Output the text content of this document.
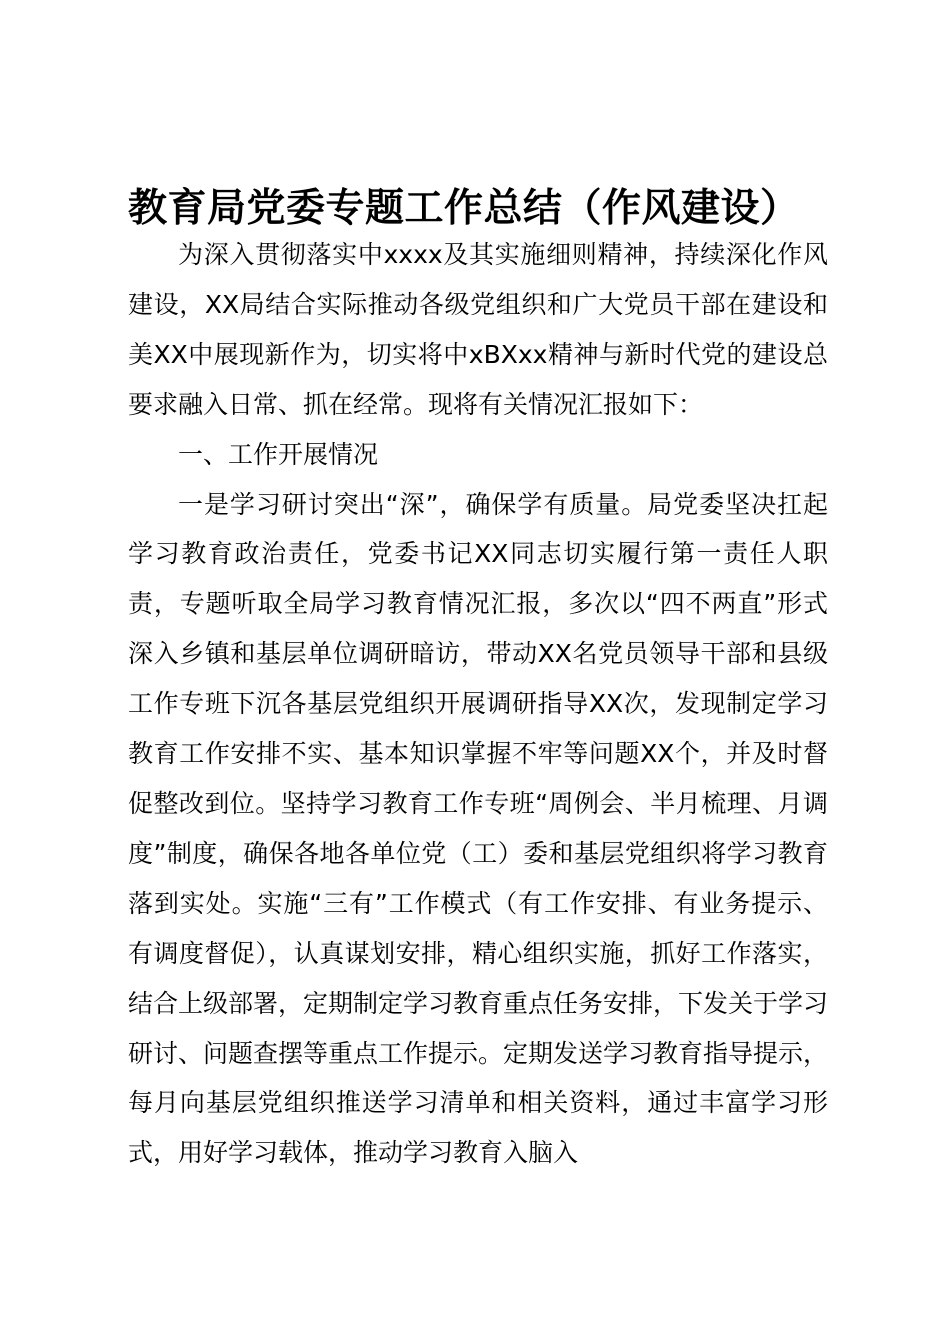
教育局党委专题工作总结（作风建设）

为深入贯彻落实中xxxx及其实施细则精神，持续深化作风建设，XX局结合实际推动各级党组织和广大党员干部在建设和美XX中展现新作为，切实将中xBXxx精神与新时代党的建设总要求融入日常、抓在经常。现将有关情况汇报如下：

一、工作开展情况

一是学习研讨突出“深”，确保学有质量。局党委坚决扛起学习教育政治责任，党委书记XX同志切实履行第一责任人职责，专题听取全局学习教育情况汇报，多次以“四不两直”形式深入乡镇和基层单位调研暗访，带动XX名党员领导干部和县级工作专班下沉各基层党组织开展调研指导XX次，发现制定学习教育工作安排不实、基本知识掌握不牢等问题XX个，并及时督促整改到位。坚持学习教育工作专班“周例会、半月梳理、月调度”制度，确保各地各单位党（工）委和基层党组织将学习教育落到实处。实施“三有”工作模式（有工作安排、有业务提示、有调度督促），认真谋划安排，精心组织实施，抓好工作落实，结合上级部署，定期制定学习教育重点任务安排，下发关于学习研讨、问题查摆等重点工作提示。定期发送学习教育指导提示，每月向基层党组织推送学习清单和相关资料，通过丰富学习形式，用好学习载体，推动学习教育入脑入
